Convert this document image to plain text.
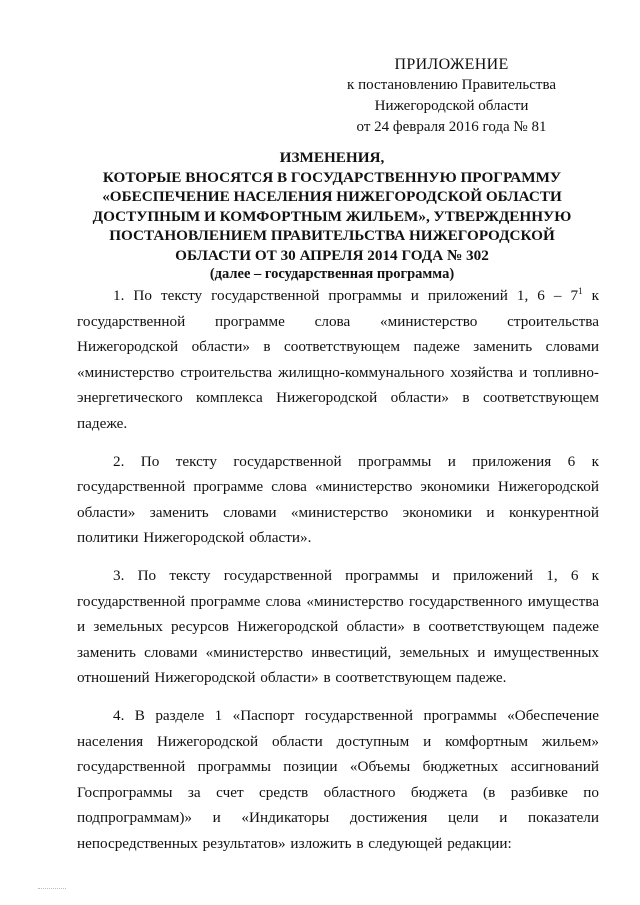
ПРИЛОЖЕНИЕ
к постановлению Правительства
Нижегородской области
от 24 февраля 2016 года № 81
ИЗМЕНЕНИЯ,
КОТОРЫЕ ВНОСЯТСЯ В ГОСУДАРСТВЕННУЮ ПРОГРАММУ
«ОБЕСПЕЧЕНИЕ НАСЕЛЕНИЯ НИЖЕГОРОДСКОЙ ОБЛАСТИ
ДОСТУПНЫМ И КОМФОРТНЫМ ЖИЛЬЕМ», УТВЕРЖДЕННУЮ
ПОСТАНОВЛЕНИЕМ ПРАВИТЕЛЬСТВА НИЖЕГОРОДСКОЙ
ОБЛАСТИ ОТ 30 АПРЕЛЯ 2014 ГОДА № 302
(далее – государственная программа)

1. По тексту государственной программы и приложений 1, $6 - 7^1$ к государственной программе слова «министерство строительства Нижегородской области» в соответствующем падеже заменить словами «министерство строительства жилищно-коммунального хозяйства и топливно-энергетического комплекса Нижегородской области» в соответствующем падеже.

2. По тексту государственной программы и приложения 6 к государственной программе слова «министерство экономики Нижегородской области» заменить словами «министерство экономики и конкурентной политики Нижегородской области».

3. По тексту государственной программы и приложений 1, 6 к государственной программе слова «министерство государственного имущества и земельных ресурсов Нижегородской области» в соответствующем падеже заменить словами «министерство инвестиций, земельных и имущественных отношений Нижегородской области» в соответствующем падеже.

4. В разделе 1 «Паспорт государственной программы «Обеспечение населения Нижегородской области доступным и комфортным жильем» государственной программы позиции «Объемы бюджетных ассигнований Госпрограммы за счет средств областного бюджета (в разбивке по подпрограммам)» и «Индикаторы достижения цели и показатели непосредственных результатов» изложить в следующей редакции:
